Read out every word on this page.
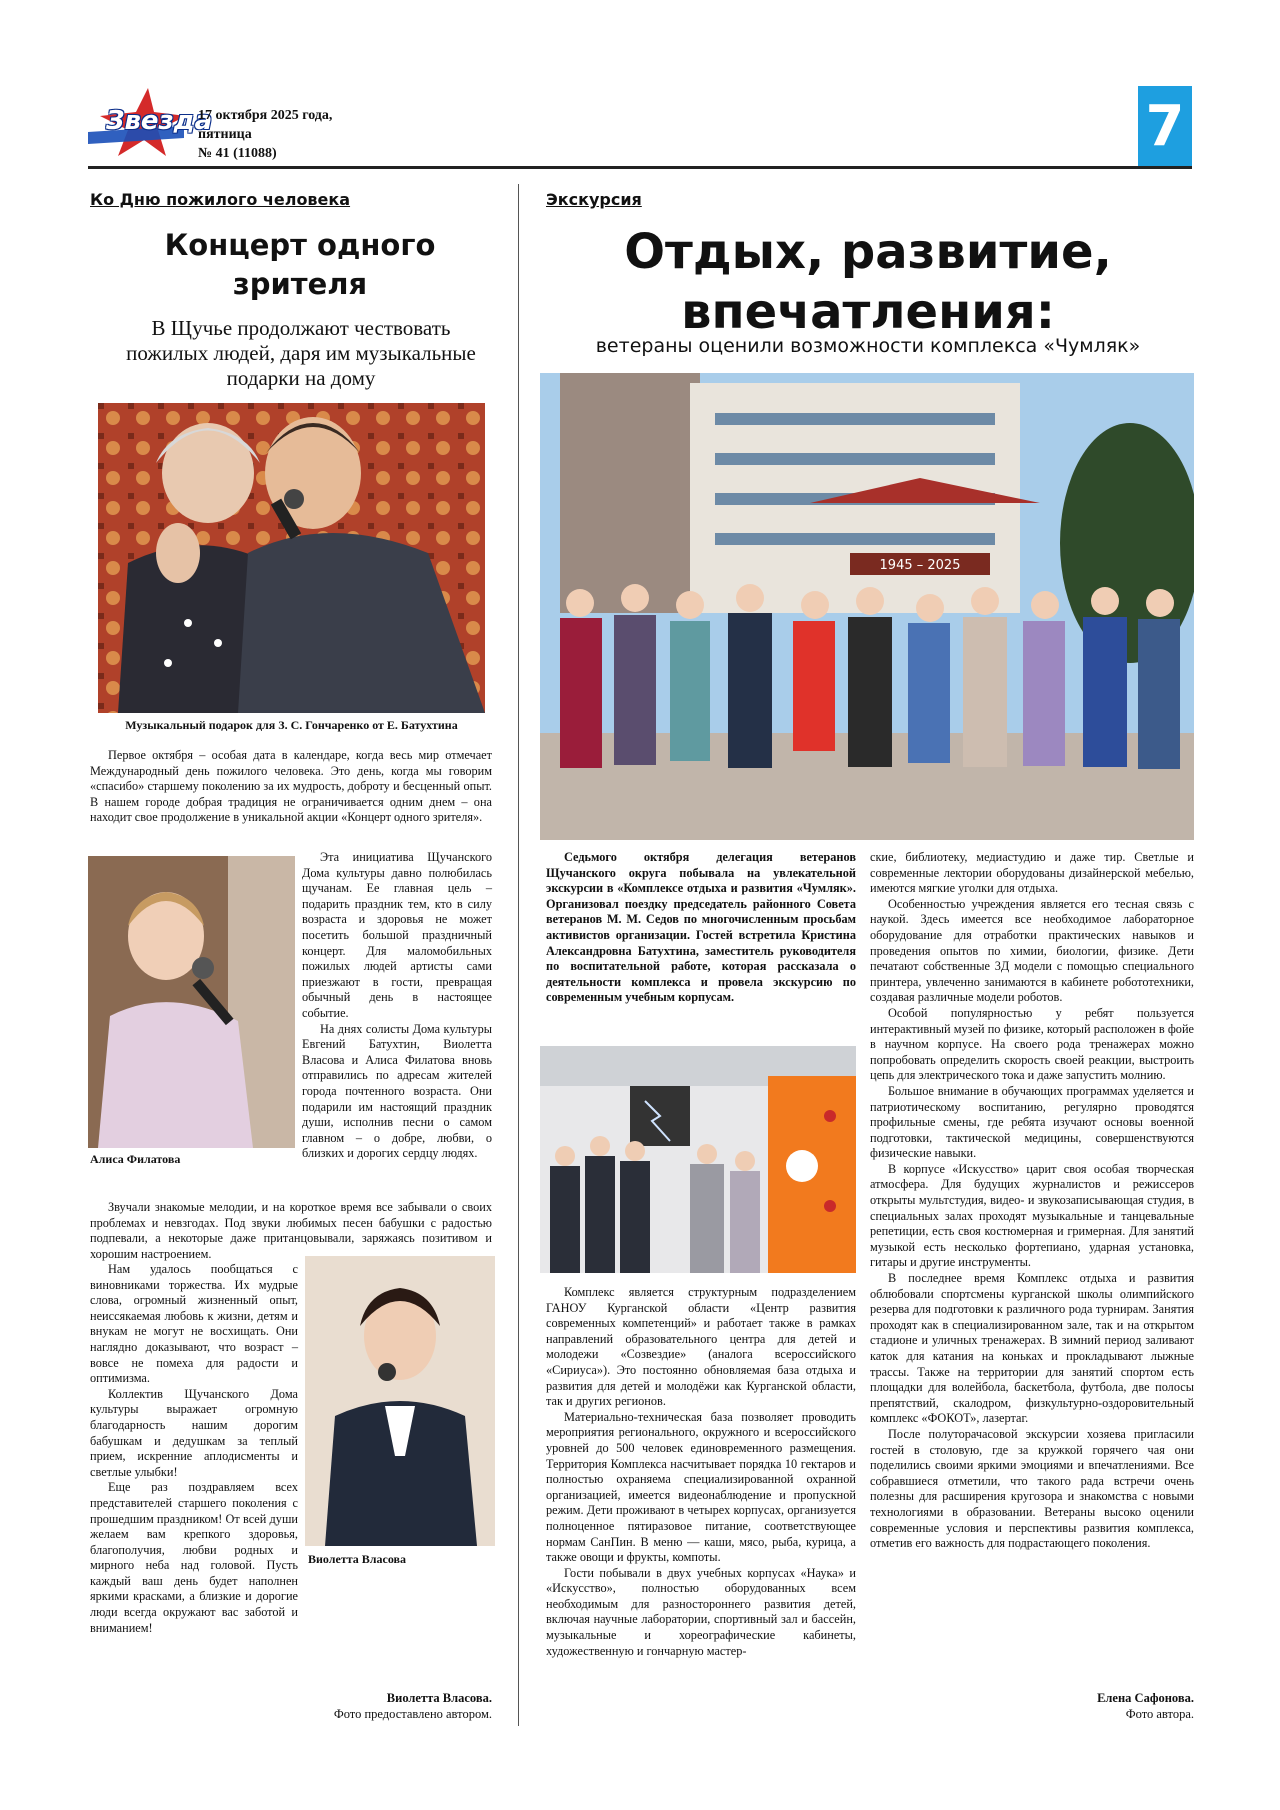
Звезда
17 октября 2025 года,
пятница
№ 41 (11088)	7
Ко Дню пожилого человека
Концерт одного зрителя
В Щучье продолжают чествовать пожилых людей, даря им музыкальные подарки на дому
Музыкальный подарок для З. С. Гончаренко от Е. Батухтина

Первое октября – особая дата в календаре, когда весь мир отмечает Международный день пожилого человека. Это день, когда мы говорим «спасибо» старшему поколению за их мудрость, доброту и бесценный опыт. В нашем городе добрая традиция не ограничивается одним днем – она находит свое продолжение в уникальной акции «Концерт одного зрителя».

Алиса Филатова

Эта инициатива Щучанского Дома культуры давно полюбилась щучанам. Ее главная цель – подарить праздник тем, кто в силу возраста и здоровья не может посетить большой праздничный концерт. Для маломобильных пожилых людей артисты сами приезжают в гости, превращая обычный день в настоящее событие.

На днях солисты Дома культуры Евгений Батухтин, Виолетта Власова и Алиса Филатова вновь отправились по адресам жителей города почтенного возраста. Они подарили им настоящий праздник души, исполнив песни о самом главном – о добре, любви, о близких и дорогих сердцу людях.

Звучали знакомые мелодии, и на короткое время все забывали о своих проблемах и невзгодах. Под звуки любимых песен бабушки с радостью подпевали, а некоторые даже пританцовывали, заряжаясь позитивом и хорошим настроением.

Виолетта Власова

Нам удалось пообщаться с виновниками торжества. Их мудрые слова, огромный жизненный опыт, неиссякаемая любовь к жизни, детям и внукам не могут не восхищать. Они наглядно доказывают, что возраст – вовсе не помеха для радости и оптимизма.

Коллектив Щучанского Дома культуры выражает огромную благодарность нашим дорогим бабушкам и дедушкам за теплый прием, искренние аплодисменты и светлые улыбки!

Еще раз поздравляем всех представителей старшего поколения с прошедшим праздником! От всей души желаем вам крепкого здоровья, благополучия, любви родных и мирного неба над головой. Пусть каждый ваш день будет наполнен яркими красками, а близкие и дорогие люди всегда окружают вас заботой и вниманием!

Виолетта Власова.
Фото предоставлено автором.
Экскурсия
Отдых, развитие,
впечатления:
ветераны оценили возможности комплекса «Чумляк»
1945 – 2025

Седьмого октября делегация ветеранов Щучанского округа побывала на увлекательной экскурсии в «Комплексе отдыха и развития «Чумляк». Организовал поездку председатель районного Совета ветеранов М. М. Седов по многочисленным просьбам активистов организации. Гостей встретила Кристина Александровна Батухтина, заместитель руководителя по воспитательной работе, которая рассказала о деятельности комплекса и провела экскурсию по современным учебным корпусам.

Комплекс является структурным подразделением ГАНОУ Курганской области «Центр развития современных компетенций» и работает также в рамках направлений образовательного центра для детей и молодежи «Созвездие» (аналога всероссийского «Сириуса»). Это постоянно обновляемая база отдыха и развития для детей и молодёжи как Курганской области, так и других регионов.

Материально-техническая база позволяет проводить мероприятия регионального, окружного и всероссийского уровней до 500 человек единовременного размещения. Территория Комплекса насчитывает порядка 10 гектаров и полностью охраняема специализированной охранной организацией, имеется видеонаблюдение и пропускной режим. Дети проживают в четырех корпусах, организуется полноценное пятиразовое питание, соответствующее нормам СанПин. В меню — каши, мясо, рыба, курица, а также овощи и фрукты, компоты.

Гости побывали в двух учебных корпусах «Наука» и «Искусство», полностью оборудованных всем необходимым для разностороннего развития детей, включая научные лаборатории, спортивный зал и бассейн, музыкальные и хореографические кабинеты, художественную и гончарную мастер-

скиe, библиотеку, медиастудию и даже тир. Светлые и современные лектории оборудованы дизайнерской мебелью, имеются мягкие уголки для отдыха.

Особенностью учреждения является его тесная связь с наукой. Здесь имеется все необходимое лабораторное оборудование для отработки практических навыков и проведения опытов по химии, биологии, физике. Дети печатают собственные 3Д модели с помощью специального принтера, увлеченно занимаются в кабинете робототехники, создавая различные модели роботов.

Особой популярностью у ребят пользуется интерактивный музей по физике, который расположен в фойе в научном корпусе. На своего рода тренажерах можно попробовать определить скорость своей реакции, выстроить цепь для электрического тока и даже запустить молнию.

Большое внимание в обучающих программах уделяется и патриотическому воспитанию, регулярно проводятся профильные смены, где ребята изучают основы военной подготовки, тактической медицины, совершенствуются физические навыки.

В корпусе «Искусство» царит своя особая творческая атмосфера. Для будущих журналистов и режиссеров открыты мультстудия, видео- и звукозаписывающая студия, в специальных залах проходят музыкальные и танцевальные репетиции, есть своя костюмерная и гримерная. Для занятий музыкой есть несколько фортепиано, ударная установка, гитары и другие инструменты.

В последнее время Комплекс отдыха и развития облюбовали спортсмены курганской школы олимпийского резерва для подготовки к различного рода турнирам. Занятия проходят как в специализированном зале, так и на открытом стадионе и уличных тренажерах. В зимний период заливают каток для катания на коньках и прокладывают лыжные трассы. Также на территории для занятий спортом есть площадки для волейбола, баскетбола, футбола, две полосы препятствий, скалодром, физкультурно-оздоровительный комплекс «ФОКОТ», лазертаг.

После полуторачасовой экскурсии хозяева пригласили гостей в столовую, где за кружкой горячего чая они поделились своими яркими эмоциями и впечатлениями. Все собравшиеся отметили, что такого рада встречи очень полезны для расширения кругозора и знакомства с новыми технологиями в образовании. Ветераны высоко оценили современные условия и перспективы развития комплекса, отметив его важность для подрастающего поколения.

Елена Сафонова.
Фото автора.
